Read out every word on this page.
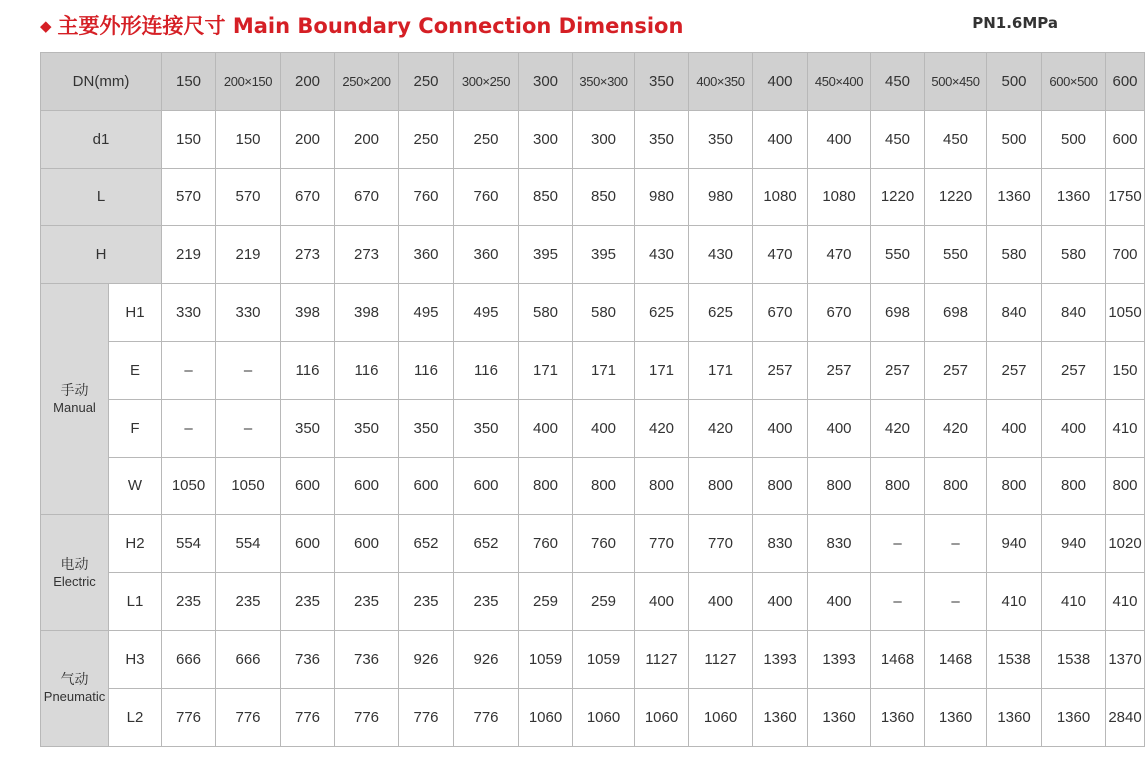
◆ 主要外形连接尺寸 Main Boundary Connection Dimension	PN1.6MPa
DN(mm)		150	200×150	200	250×200	250	300×250	300	350×300	350	400×350	400	450×400	450	500×450	500	600×500	600
d1		150	150	200	200	250	250	300	300	350	350	400	400	450	450	500	500	600
L		570	570	670	670	760	760	850	850	980	980	1080	1080	1220	1220	1360	1360	1750
H		219	219	273	273	360	360	395	395	430	430	470	470	550	550	580	580	700

手动
Manual	H1	330	330	398	398	495	495	580	580	625	625	670	670	698	698	840	840	1050
	E	–	–	116	116	116	116	171	171	171	171	257	257	257	257	257	257	150
	F	–	–	350	350	350	350	400	400	420	420	400	400	420	420	400	400	410
	W	1050	1050	600	600	600	600	800	800	800	800	800	800	800	800	800	800	800

电动
Electric	H2	554	554	600	600	652	652	760	760	770	770	830	830	–	–	940	940	1020
	L1	235	235	235	235	235	235	259	259	400	400	400	400	–	–	410	410	410

气动
Pneumatic	H3	666	666	736	736	926	926	1059	1059	1127	1127	1393	1393	1468	1468	1538	1538	1370
	L2	776	776	776	776	776	776	1060	1060	1060	1060	1360	1360	1360	1360	1360	1360	2840
